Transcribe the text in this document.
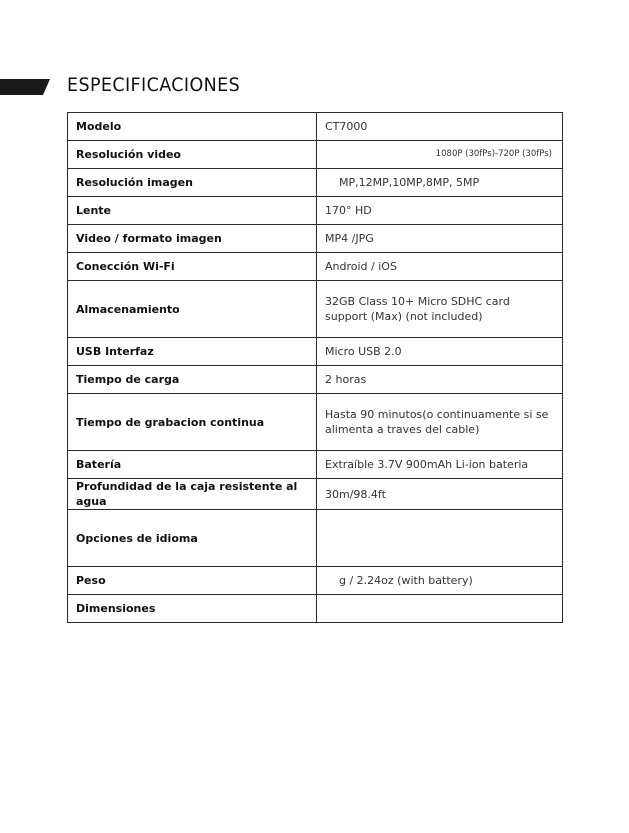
ESPECIFICACIONES
Modelo	CT7000
Resolución video	1080P (30fPs)-720P (30fPs)
Resolución imagen	MP,12MP,10MP,8MP, 5MP
Lente	170° HD
Video / formato imagen	MP4 /JPG
Conección Wi-Fi	Android / iOS
Almacenamiento	32GB Class 10+ Micro SDHC card
support (Max) (not included)

USB Interfaz	Micro USB 2.0
Tiempo de carga	2 horas
Tiempo de grabacion continua	Hasta 90 minutos(o continuamente si se
alimenta a traves del cable)

Batería	Extraíble 3.7V 900mAh Li-ion bateria
Profundidad de la caja resistente al agua	30m/98.4ft
Opciones de idioma	
Peso	g / 2.24oz (with battery)
Dimensiones	
